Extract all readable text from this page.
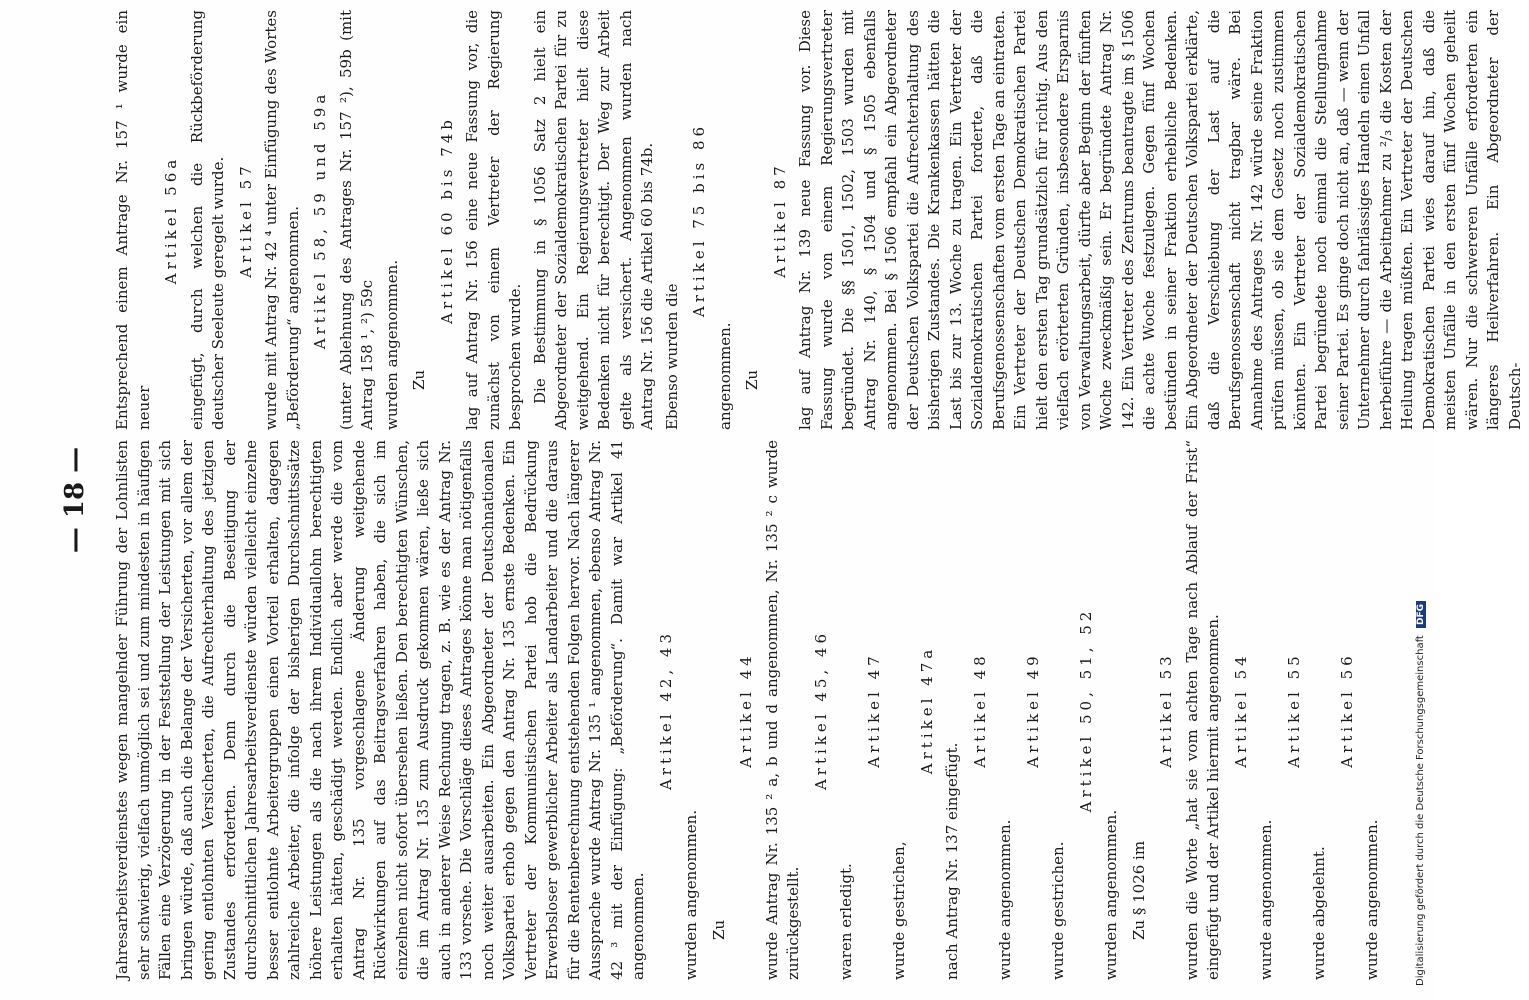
— 18 — Jahresarbeitsverdienstes wegen mangelnder Führung der Lohnlisten sehr schwierig, vielfach unmöglich sei und zum mindesten in häufigen Fällen eine Verzögerung in der Feststellung der Leistungen mit sich bringen würde, daß auch die Belange der Versicherten, vor allem der gering entlohnten Versicherten, die Aufrechterhaltung des jetzigen Zustandes erforderten. Denn durch die Beseitigung der durchschnittlichen Jahresarbeitsverdienste würden vielleicht einzelne besser entlohnte Arbeitergruppen einen Vorteil erhalten, dagegen zahlreiche Arbeiter, die infolge der bisherigen Durchschnittssätze höhere Leistungen als die nach ihrem Individuallohn berechtigten erhalten hätten, geschädigt werden. Endlich aber werde die vom Antrag Nr. 135 vorgeschlagene Änderung weitgehende Rückwirkungen auf das Beitragsverfahren haben, die sich im einzelnen nicht sofort übersehen ließen. Den berechtigten Wünschen, die im Antrag Nr. 135 zum Ausdruck gekommen wären, ließe sich auch in anderer Weise Rechnung tragen, z. B. wie es der Antrag Nr. 133 vorsehe. Die Vorschläge dieses Antrages könne man nötigenfalls noch weiter ausarbeiten. Ein Abgeordneter der Deutschnationalen Volkspartei erhob gegen den Antrag Nr. 135 ernste Bedenken. Ein Vertreter der Kommunistischen Partei hob die Bedrückung Erwerbsloser gewerblicher Arbeiter als Landarbeiter und die daraus für die Rentenberechnung entstehenden Folgen hervor. Nach längerer Aussprache wurde Antrag Nr. 135 ¹ angenommen, ebenso Antrag Nr. 42 ³ mit der Einfügung: „Beförderung“. Damit war Artikel 41 angenommen.
Artikel 42, 43
wurden angenommen. Zu
Artikel 44 wurde Antrag Nr. 135 ² a, b und d angenommen, Nr. 135 ² c wurde zurückgestellt.
Artikel 45, 46
waren erledigt.
Artikel 47
wurde gestrichen,
Artikel 47a
nach Antrag Nr. 137 eingefügt.
Artikel 48
wurde angenommen.
Artikel 49
wurde gestrichen.
Artikel 50, 51, 52
wurden angenommen. Zu § 1026 im
Artikel 53 wurden die Worte „hat sie vom achten Tage nach Ablauf der Frist“ eingefügt und der Artikel hiermit angenommen. Artikel 54
wurde angenommen.
Artikel 55
wurde abgelehnt.
Artikel 56
wurde angenommen.
Entsprechend einem Antrage Nr. 157 ¹ wurde ein neuer
Artikel 56a eingefügt, durch welchen die Rückbeförderung deutscher Seeleute geregelt wurde. Artikel 57 wurde mit Antrag Nr. 42 ⁴ unter Einfügung des Wortes „Beförderung“ angenommen. Artikel 58, 59 und 59a (unter Ablehnung des Antrages Nr. 157 ²), 59b (mit Antrag 158 ¹, ²) 59c wurden angenommen. Zu
Artikel 60 bis 74b lag auf Antrag Nr. 156 eine neue Fassung vor, die zunächst von einem Vertreter der Regierung besprochen wurde. Die Bestimmung in § 1056 Satz 2 hielt ein Abgeordneter der Sozialdemokratischen Partei für zu weitgehend. Ein Regierungsvertreter hielt diese Bedenken nicht für berechtigt. Der Weg zur Arbeit gelte als versichert. Angenommen wurden nach Antrag Nr. 156 die Artikel 60 bis 74b. Ebenso wurden die
Artikel 75 bis 86
angenommen. Zu
Artikel 87 lag auf Antrag Nr. 139 neue Fassung vor. Diese Fassung wurde von einem Regierungsvertreter begründet. Die §§ 1501, 1502, 1503 wurden mit Antrag Nr. 140, § 1504 und § 1505 ebenfalls angenommen. Bei § 1506 empfahl ein Abgeordneter der Deutschen Volkspartei die Aufrechterhaltung des bisherigen Zustandes. Die Krankenkassen hätten die Last bis zur 13. Woche zu tragen. Ein Vertreter der Sozialdemokratischen Partei forderte, daß die Berufsgenossenschaften vom ersten Tage an eintraten. Ein Vertreter der Deutschen Demokratischen Partei hielt den ersten Tag grundsätzlich für richtig. Aus den vielfach erörterten Gründen, insbesondere Ersparnis von Verwaltungsarbeit, dürfte aber Beginn der fünften Woche zweckmäßig sein. Er begründete Antrag Nr. 142. Ein Vertreter des Zentrums beantragte im § 1506 die achte Woche festzulegen. Gegen fünf Wochen bestünden in seiner Fraktion erhebliche Bedenken. Ein Abgeordneter der Deutschen Volkspartei erklärte, daß die Verschiebung der Last auf die Berufsgenossenschaft nicht tragbar wäre. Bei Annahme des Antrages Nr. 142 würde seine Fraktion prüfen müssen, ob sie dem Gesetz noch zustimmen könnten. Ein Vertreter der Sozialdemokratischen Partei begründete noch einmal die Stellungnahme seiner Partei. Es ginge doch nicht an, daß — wenn der Unternehmer durch fahrlässiges Handeln einen Unfall herbeiführe — die Arbeitnehmer zu ²/₃ die Kosten der Heilung tragen müßten. Ein Vertreter der Deutschen Demokratischen Partei wies darauf hin, daß die meisten Unfälle in den ersten fünf Wochen geheilt wären. Nur die schwereren Unfälle erforderten ein längeres Heilverfahren. Ein Abgeordneter der Deutsch-
Digitalisierung gefördert durch die Deutsche Forschungsgemeinschaft DFG
